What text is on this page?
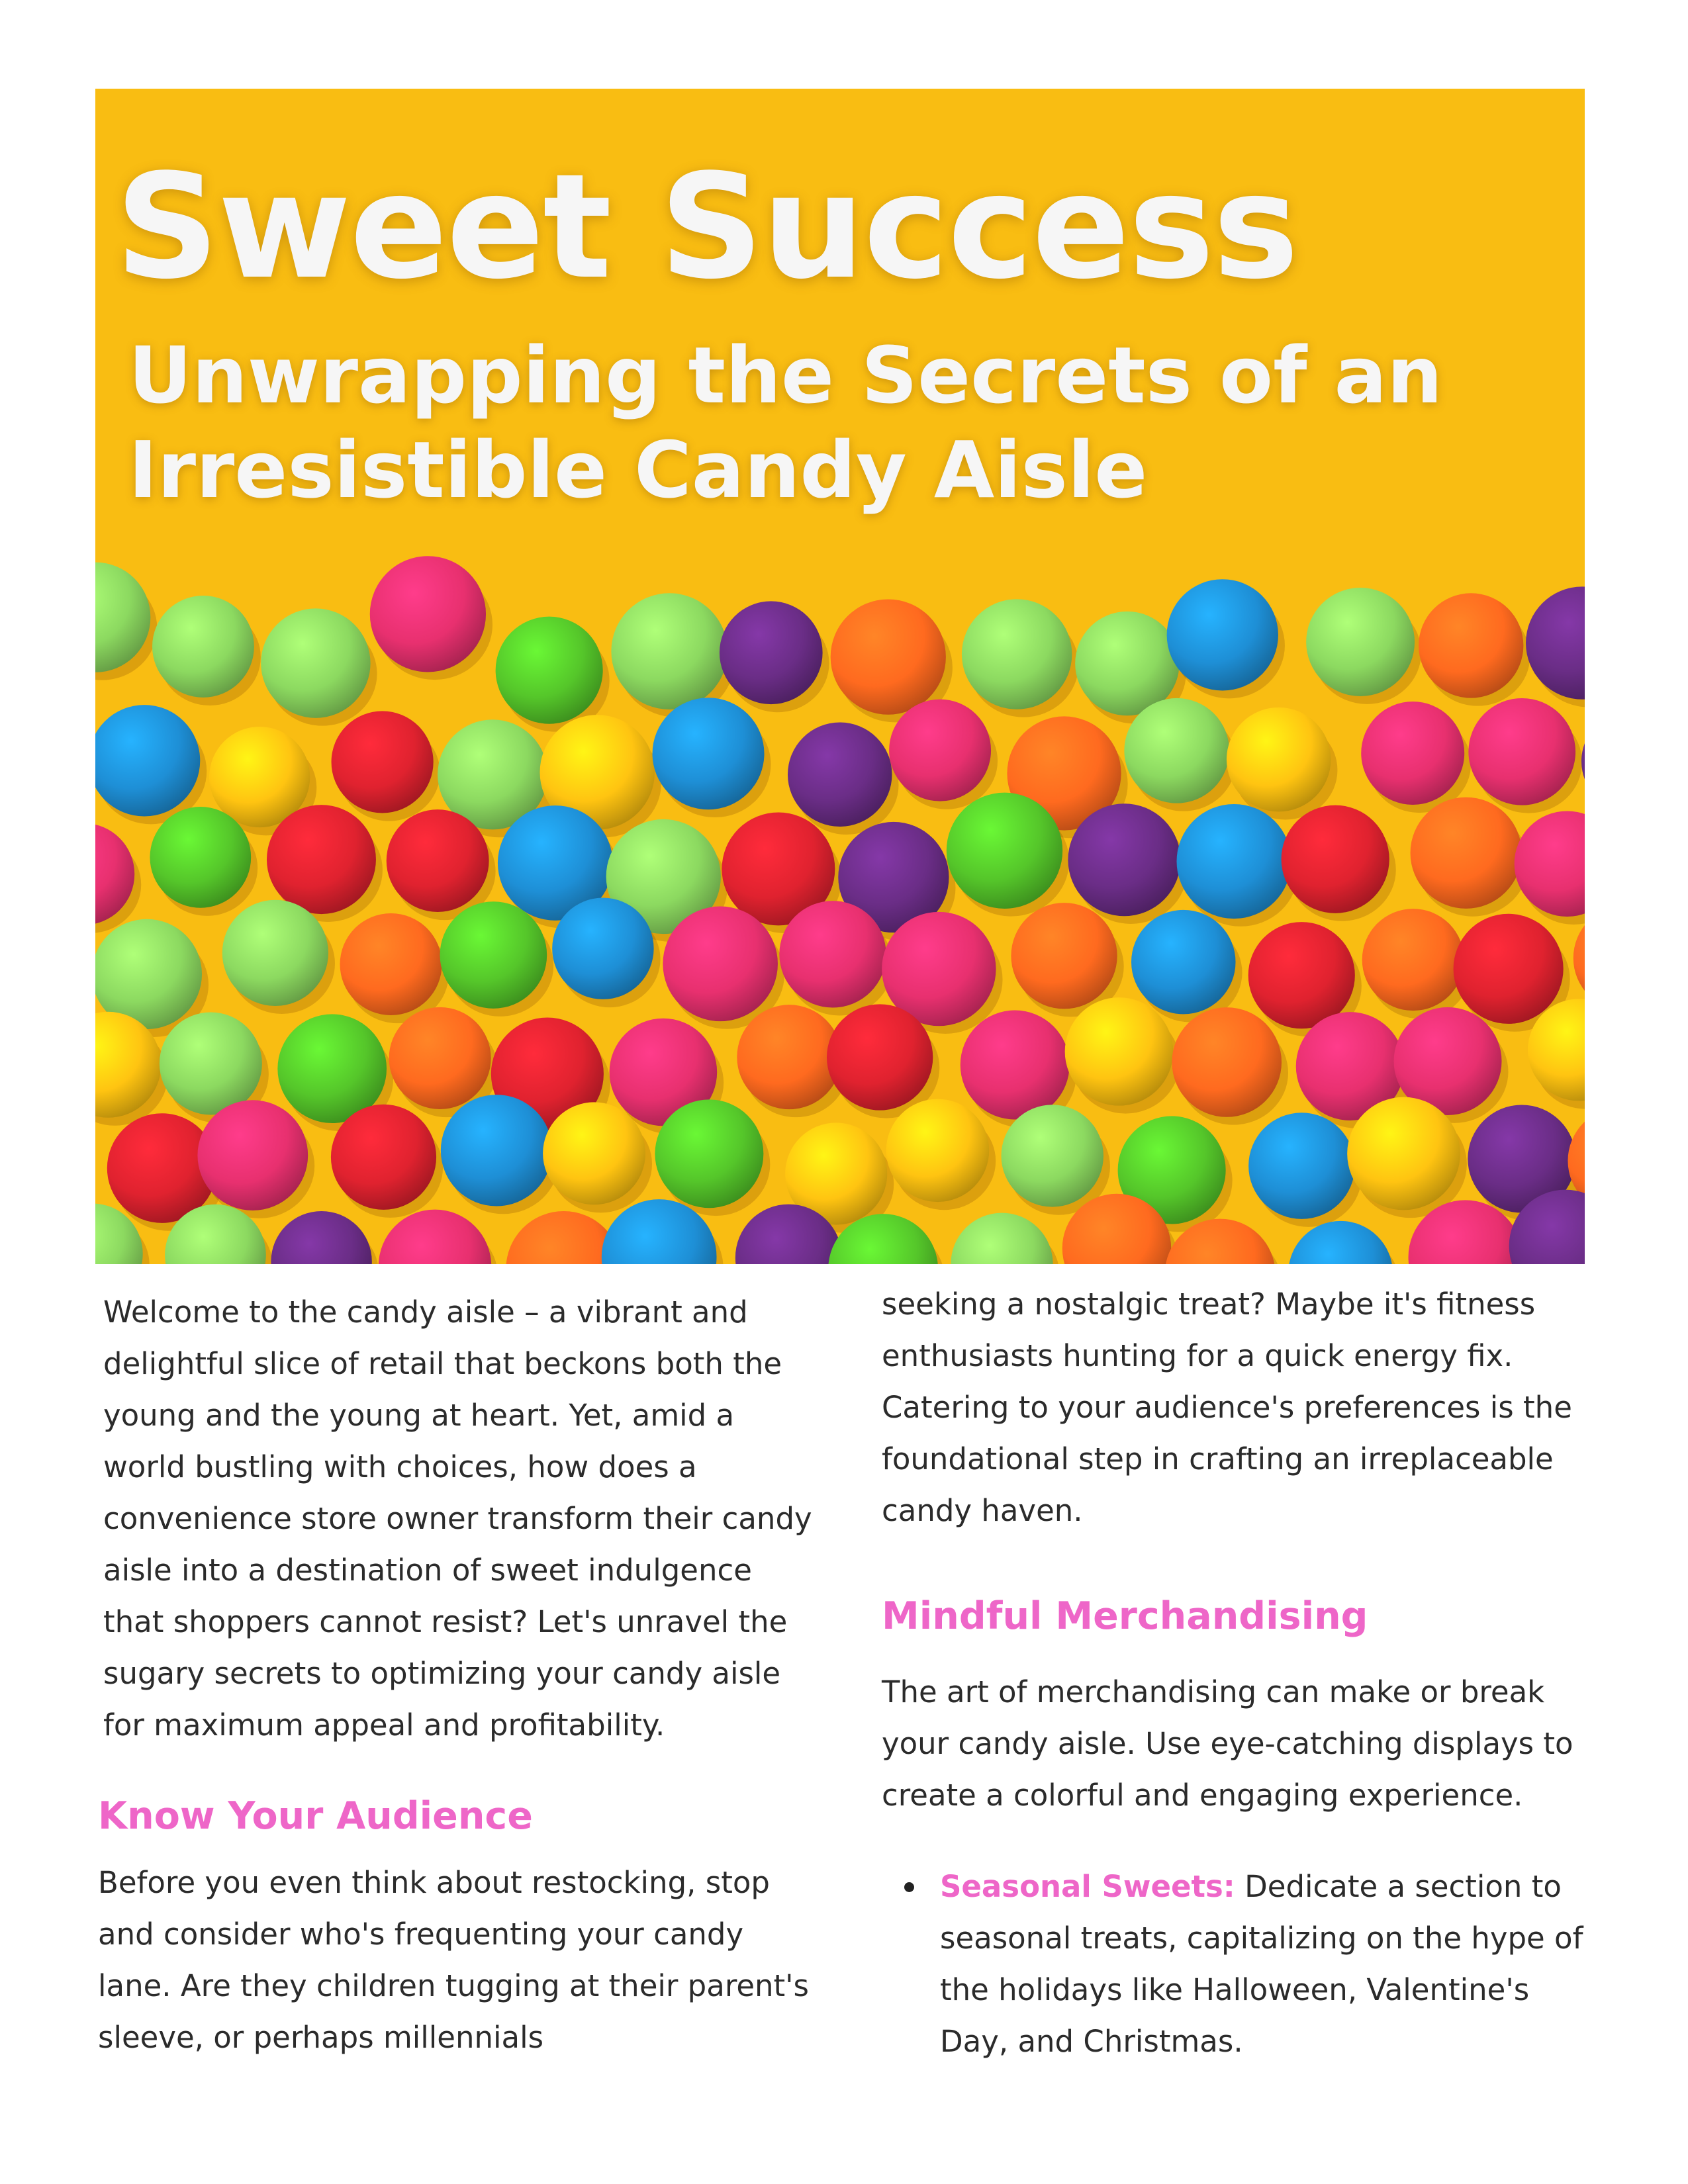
Sweet Success
Unwrapping the Secrets of an Irresistible Candy Aisle

Welcome to the candy aisle – a vibrant and delightful slice of retail that beckons both the young and the young at heart. Yet, amid a world bustling with choices, how does a convenience store owner transform their candy aisle into a destination of sweet indulgence that shoppers cannot resist? Let's unravel the sugary secrets to optimizing your candy aisle for maximum appeal and profitability.

Know Your Audience

Before you even think about restocking, stop and consider who's frequenting your candy lane. Are they children tugging at their parent's sleeve, or perhaps millennials

seeking a nostalgic treat? Maybe it's fitness enthusiasts hunting for a quick energy fix. Catering to your audience's preferences is the foundational step in crafting an irreplaceable candy haven.

Mindful Merchandising

The art of merchandising can make or break your candy aisle. Use eye-catching displays to create a colorful and engaging experience.

Seasonal Sweets: Dedicate a section to seasonal treats, capitalizing on the hype of the holidays like Halloween, Valentine's Day, and Christmas.
